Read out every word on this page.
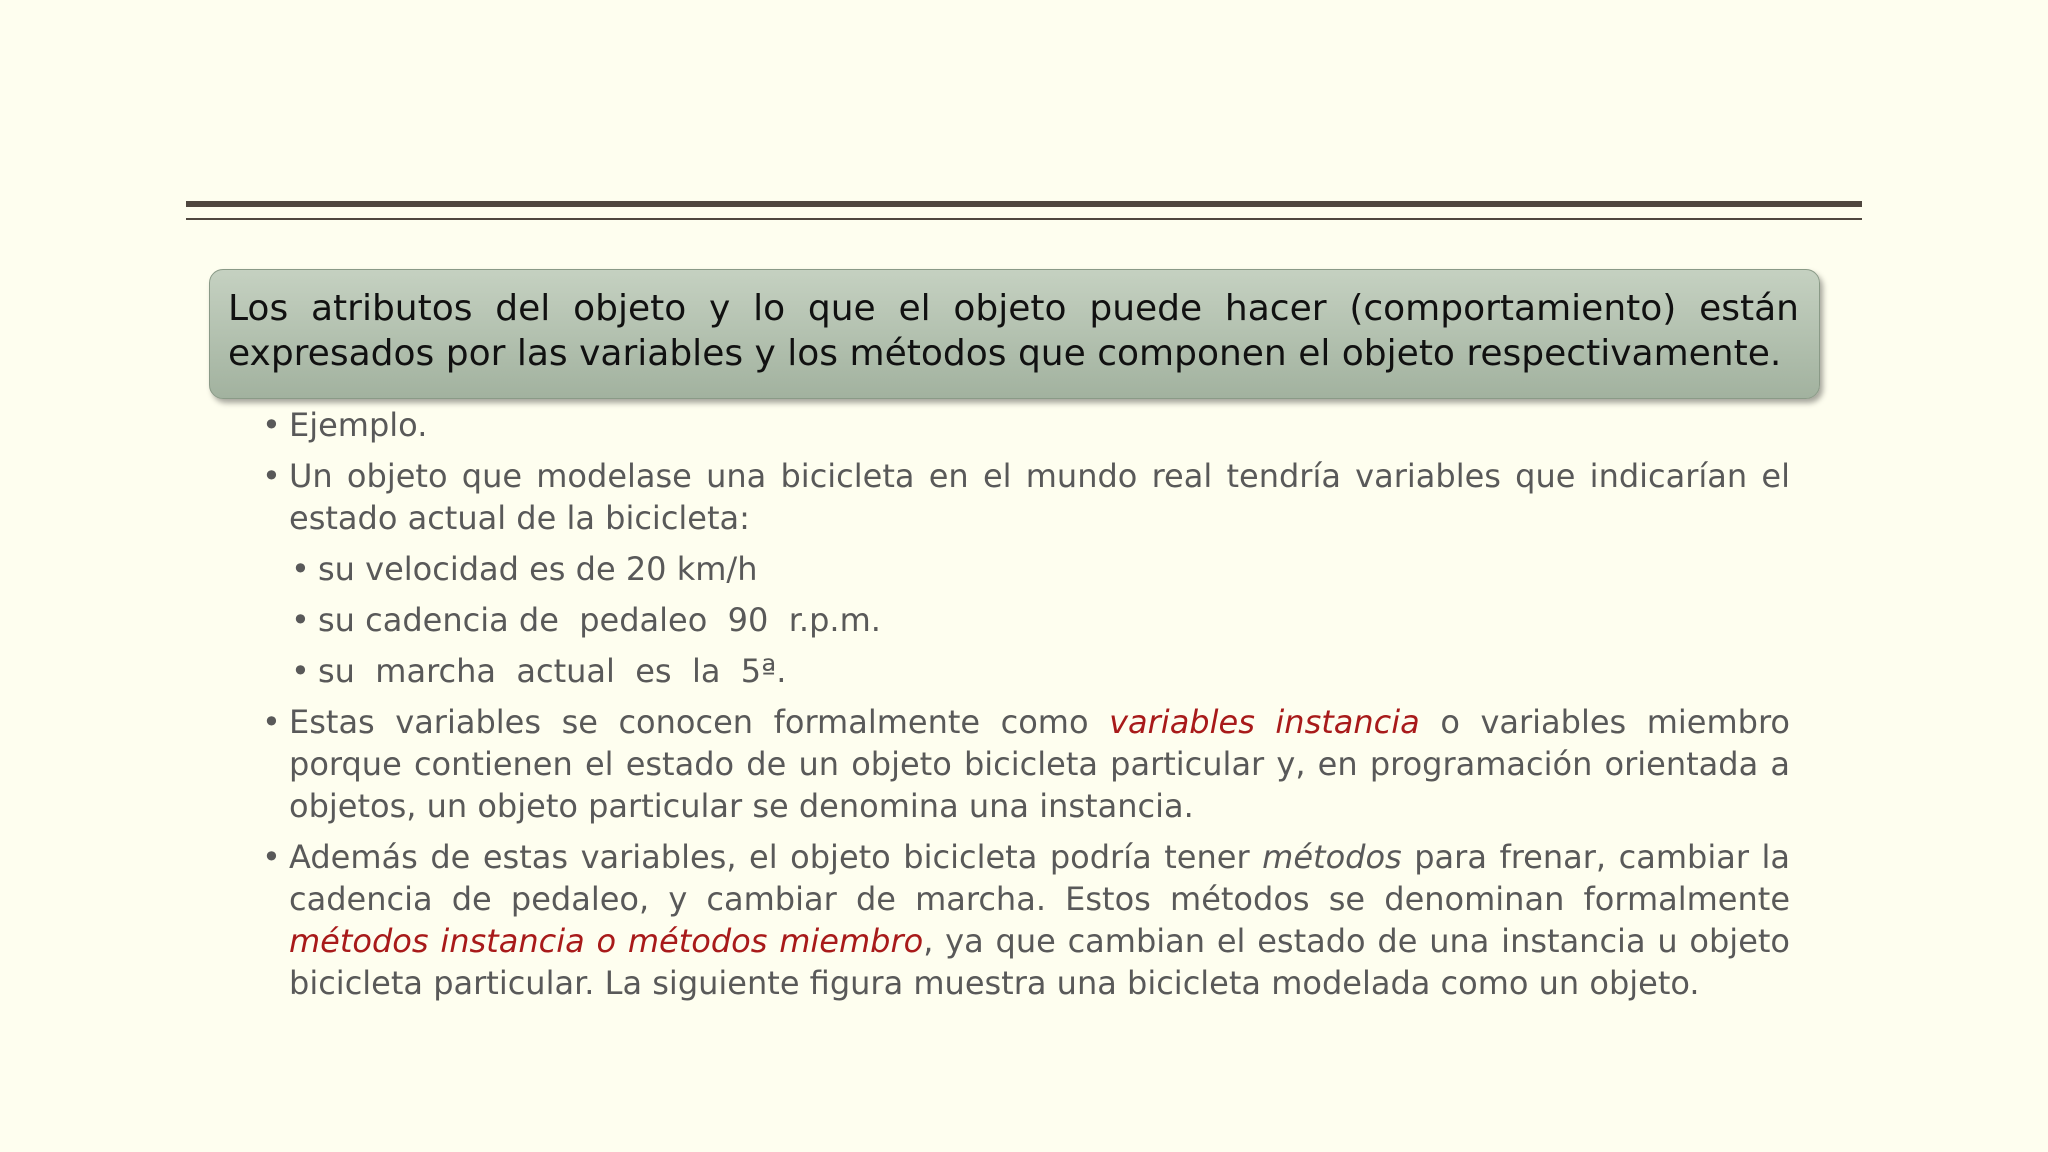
Los atributos del objeto y lo que el objeto puede hacer (comportamiento) están expresados por las variables y los métodos que componen el objeto respectivamente.

• Ejemplo.
• Un objeto que modelase una bicicleta en el mundo real tendría variables que indicarían el estado actual de la bicicleta:
• su velocidad es de 20 km/h
• su cadencia de  pedaleo  90  r.p.m.
• su  marcha  actual  es  la  5ª.
• Estas variables se conocen formalmente como variables instancia o variables miembro porque contienen el estado de un objeto bicicleta particular y, en programación orientada a objetos, un objeto particular se denomina una instancia.
• Además de estas variables, el objeto bicicleta podría tener métodos para frenar, cambiar la cadencia de pedaleo, y cambiar de marcha. Estos métodos se denominan formalmente métodos instancia o métodos miembro, ya que cambian el estado de una instancia u objeto bicicleta particular. La siguiente figura muestra una bicicleta modelada como un objeto.
